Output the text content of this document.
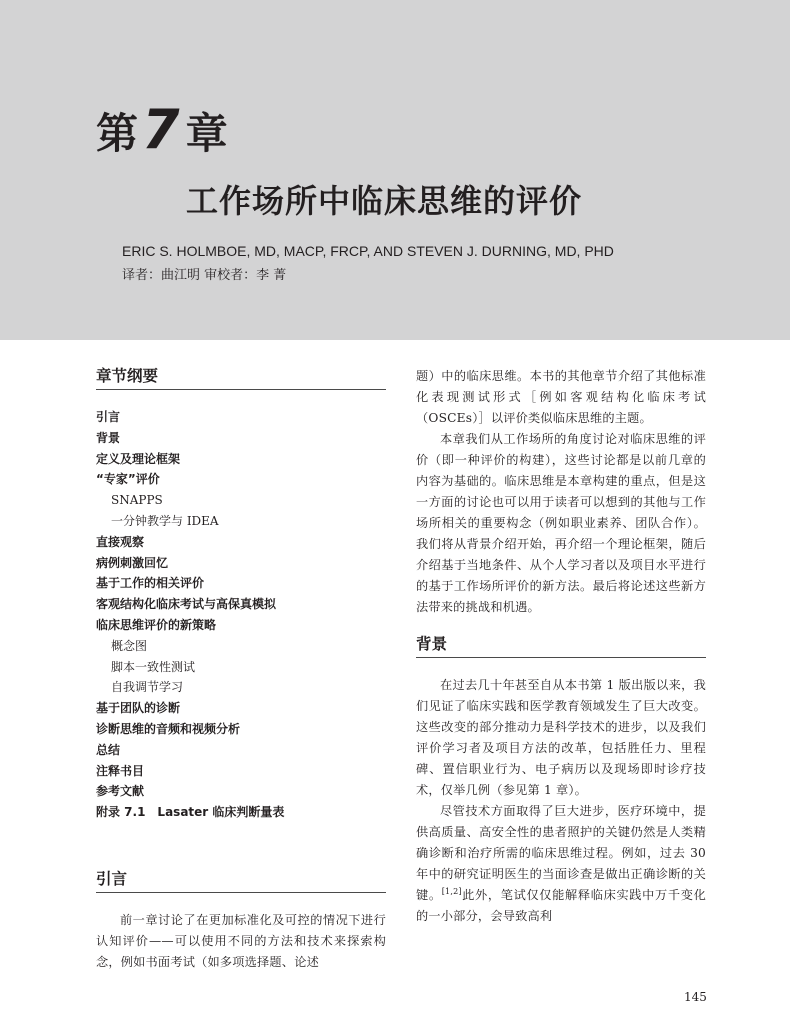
第 7 章
工作场所中临床思维的评价
ERIC S. HOLMBOE, MD, MACP, FRCP, AND STEVEN J. DURNING, MD, PHD
译者：曲江明 审校者：李 菁
章节纲要
引言
背景
定义及理论框架
“专家”评价
SNAPPS
一分钟教学与 IDEA
直接观察
病例刺激回忆
基于工作的相关评价
客观结构化临床考试与高保真模拟
临床思维评价的新策略
概念图
脚本一致性测试
自我调节学习
基于团队的诊断
诊断思维的音频和视频分析
总结
注释书目
参考文献
附录 7.1　Lasater 临床判断量表
引言

前一章讨论了在更加标准化及可控的情况下进行认知评价——可以使用不同的方法和技术来探索构念，例如书面考试（如多项选择题、论述

题）中的临床思维。本书的其他章节介绍了其他标准化表现测试形式［例如客观结构化临床考试（OSCEs）］以评价类似临床思维的主题。

本章我们从工作场所的角度讨论对临床思维的评价（即一种评价的构建），这些讨论都是以前几章的内容为基础的。临床思维是本章构建的重点，但是这一方面的讨论也可以用于读者可以想到的其他与工作场所相关的重要构念（例如职业素养、团队合作）。我们将从背景介绍开始，再介绍一个理论框架，随后介绍基于当地条件、从个人学习者以及项目水平进行的基于工作场所评价的新方法。最后将论述这些新方法带来的挑战和机遇。

背景

在过去几十年甚至自从本书第 1 版出版以来，我们见证了临床实践和医学教育领域发生了巨大改变。这些改变的部分推动力是科学技术的进步，以及我们评价学习者及项目方法的改革，包括胜任力、里程碑、置信职业行为、电子病历以及现场即时诊疗技术，仅举几例（参见第 1 章）。

尽管技术方面取得了巨大进步，医疗环境中，提供高质量、高安全性的患者照护的关键仍然是人类精确诊断和治疗所需的临床思维过程。例如，过去 30 年中的研究证明医生的当面诊查是做出正确诊断的关键。[1,2]此外，笔试仅仅能解释临床实践中万千变化的一小部分，会导致高利

145
